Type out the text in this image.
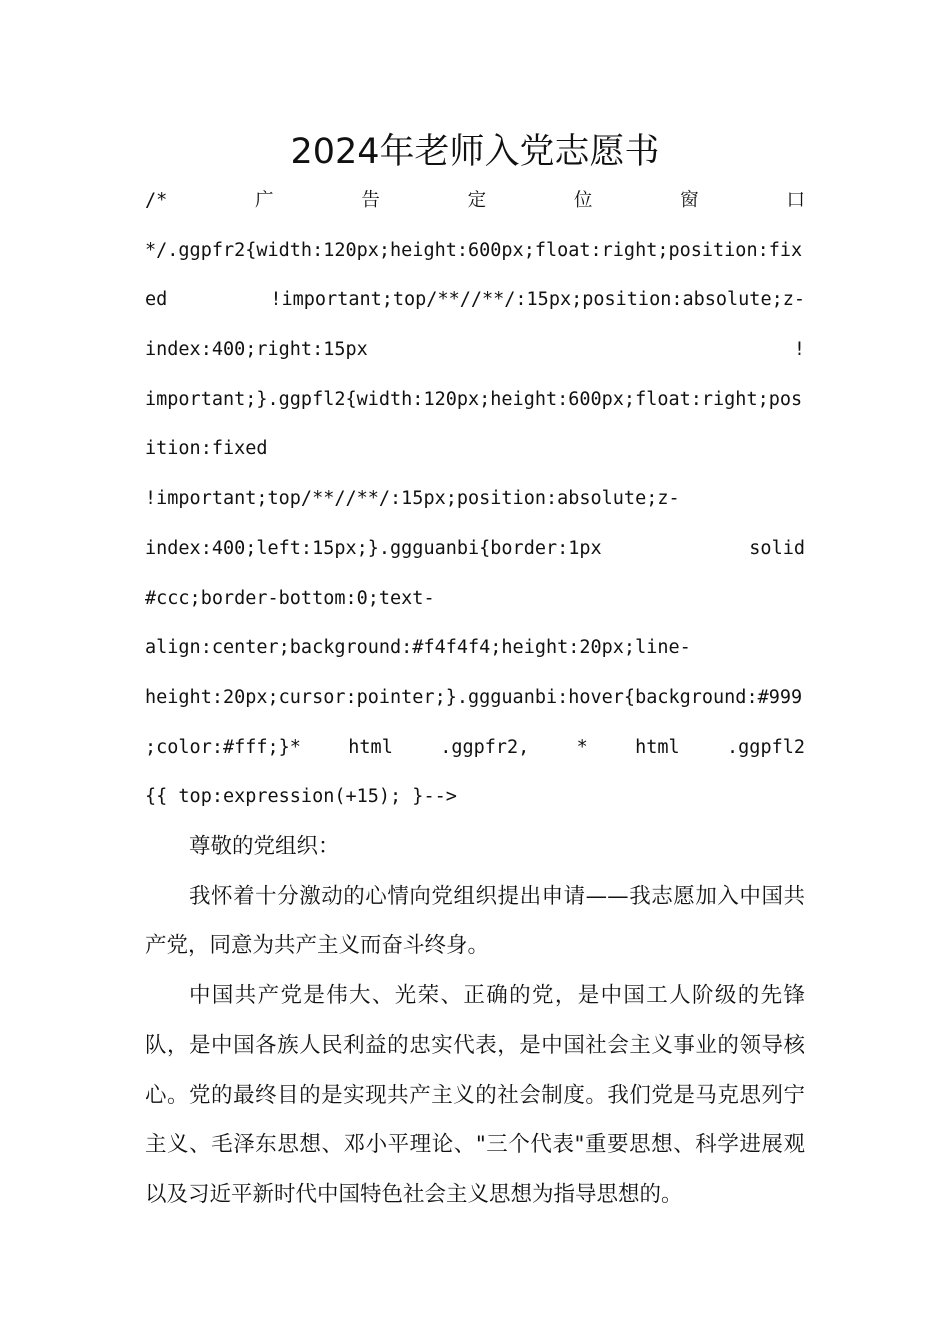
2024年老师入党志愿书
/*	广	告	定	位	窗	口
*/.ggpfr2{width:120px;height:600px;float:right;position:fix
ed	!important;top/**//**/:15px;position:absolute;z-
index:400;right:15px	!
important;}.ggpfl2{width:120px;height:600px;float:right;pos
ition:fixed
!important;top/**//**/:15px;position:absolute;z-
index:400;left:15px;}.ggguanbi{border:1px	solid
#ccc;border-bottom:0;text-
align:center;background:#f4f4f4;height:20px;line-
height:20px;cursor:pointer;}.ggguanbi:hover{background:#999
;color:#fff;}*	html	.ggpfr2,	*	html	.ggpfl2
{{ top:expression(+15); }-->

尊敬的党组织：

我怀着十分激动的心情向党组织提出申请——我志愿加入中国共产党，同意为共产主义而奋斗终身。

中国共产党是伟大、光荣、正确的党，是中国工人阶级的先锋队，是中国各族人民利益的忠实代表，是中国社会主义事业的领导核心。党的最终目的是实现共产主义的社会制度。我们党是马克思列宁主义、毛泽东思想、邓小平理论、"三个代表"重要思想、科学进展观以及习近平新时代中国特色社会主义思想为指导思想的。
